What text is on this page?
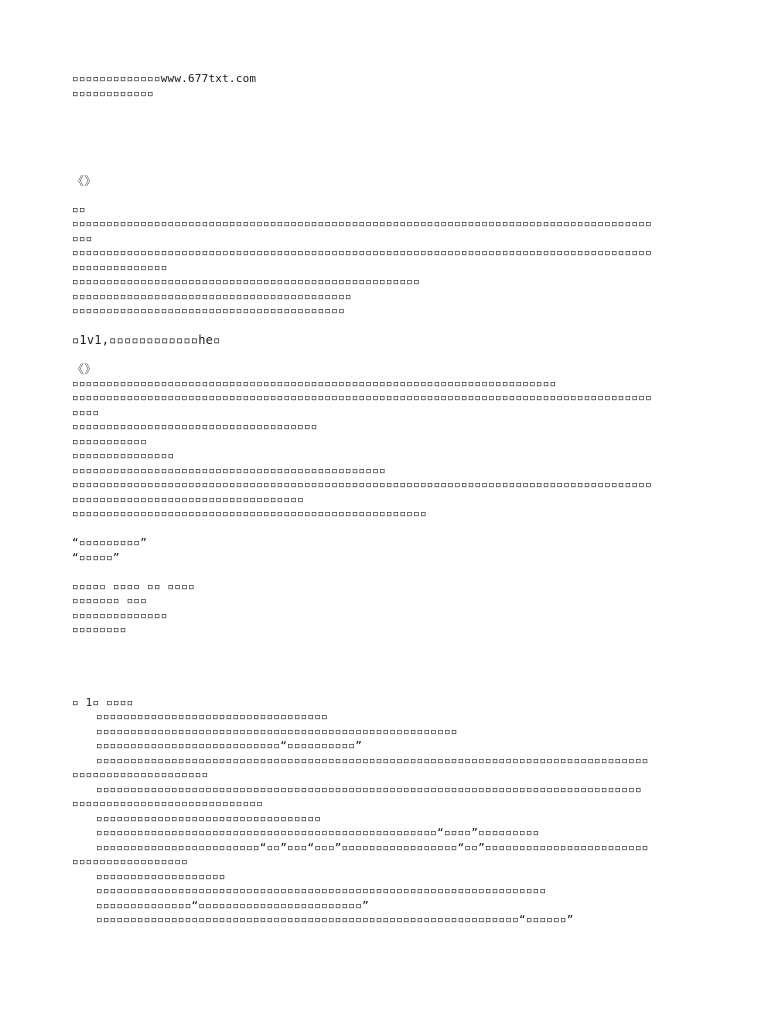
▫▫▫▫▫▫▫▫▫▫▫▫▫www.677txt.com
▫▫▫▫▫▫▫▫▫▫▫▫
《》
▫▫
▫▫▫▫▫▫▫▫▫▫▫▫▫▫▫▫▫▫▫▫▫▫▫▫▫▫▫▫▫▫▫▫▫▫▫▫▫▫▫▫▫▫▫▫▫▫▫▫▫▫▫▫▫▫▫▫▫▫▫▫▫▫▫▫▫▫▫▫▫▫▫▫▫▫▫▫▫▫▫▫▫▫▫▫▫
▫▫▫
▫▫▫▫▫▫▫▫▫▫▫▫▫▫▫▫▫▫▫▫▫▫▫▫▫▫▫▫▫▫▫▫▫▫▫▫▫▫▫▫▫▫▫▫▫▫▫▫▫▫▫▫▫▫▫▫▫▫▫▫▫▫▫▫▫▫▫▫▫▫▫▫▫▫▫▫▫▫▫▫▫▫▫▫▫
▫▫▫▫▫▫▫▫▫▫▫▫▫▫
▫▫▫▫▫▫▫▫▫▫▫▫▫▫▫▫▫▫▫▫▫▫▫▫▫▫▫▫▫▫▫▫▫▫▫▫▫▫▫▫▫▫▫▫▫▫▫▫▫▫▫
▫▫▫▫▫▫▫▫▫▫▫▫▫▫▫▫▫▫▫▫▫▫▫▫▫▫▫▫▫▫▫▫▫▫▫▫▫▫▫▫▫
▫▫▫▫▫▫▫▫▫▫▫▫▫▫▫▫▫▫▫▫▫▫▫▫▫▫▫▫▫▫▫▫▫▫▫▫▫▫▫▫
▫1v1,▫▫▫▫▫▫▫▫▫▫▫▫he▫
《》
▫▫▫▫▫▫▫▫▫▫▫▫▫▫▫▫▫▫▫▫▫▫▫▫▫▫▫▫▫▫▫▫▫▫▫▫▫▫▫▫▫▫▫▫▫▫▫▫▫▫▫▫▫▫▫▫▫▫▫▫▫▫▫▫▫▫▫▫▫▫▫
▫▫▫▫▫▫▫▫▫▫▫▫▫▫▫▫▫▫▫▫▫▫▫▫▫▫▫▫▫▫▫▫▫▫▫▫▫▫▫▫▫▫▫▫▫▫▫▫▫▫▫▫▫▫▫▫▫▫▫▫▫▫▫▫▫▫▫▫▫▫▫▫▫▫▫▫▫▫▫▫▫▫▫▫▫
▫▫▫▫
▫▫▫▫▫▫▫▫▫▫▫▫▫▫▫▫▫▫▫▫▫▫▫▫▫▫▫▫▫▫▫▫▫▫▫▫
▫▫▫▫▫▫▫▫▫▫▫
▫▫▫▫▫▫▫▫▫▫▫▫▫▫▫
▫▫▫▫▫▫▫▫▫▫▫▫▫▫▫▫▫▫▫▫▫▫▫▫▫▫▫▫▫▫▫▫▫▫▫▫▫▫▫▫▫▫▫▫▫▫
▫▫▫▫▫▫▫▫▫▫▫▫▫▫▫▫▫▫▫▫▫▫▫▫▫▫▫▫▫▫▫▫▫▫▫▫▫▫▫▫▫▫▫▫▫▫▫▫▫▫▫▫▫▫▫▫▫▫▫▫▫▫▫▫▫▫▫▫▫▫▫▫▫▫▫▫▫▫▫▫▫▫▫▫▫
▫▫▫▫▫▫▫▫▫▫▫▫▫▫▫▫▫▫▫▫▫▫▫▫▫▫▫▫▫▫▫▫▫▫
▫▫▫▫▫▫▫▫▫▫▫▫▫▫▫▫▫▫▫▫▫▫▫▫▫▫▫▫▫▫▫▫▫▫▫▫▫▫▫▫▫▫▫▫▫▫▫▫▫▫▫▫
“▫▫▫▫▫▫▫▫▫”
“▫▫▫▫▫”
▫▫▫▫▫ ▫▫▫▫ ▫▫ ▫▫▫▫
▫▫▫▫▫▫▫ ▫▫▫
▫▫▫▫▫▫▫▫▫▫▫▫▫▫
▫▫▫▫▫▫▫▫
▫ 1▫ ▫▫▫▫
▫▫▫▫▫▫▫▫▫▫▫▫▫▫▫▫▫▫▫▫▫▫▫▫▫▫▫▫▫▫▫▫▫▫
▫▫▫▫▫▫▫▫▫▫▫▫▫▫▫▫▫▫▫▫▫▫▫▫▫▫▫▫▫▫▫▫▫▫▫▫▫▫▫▫▫▫▫▫▫▫▫▫▫▫▫▫▫
▫▫▫▫▫▫▫▫▫▫▫▫▫▫▫▫▫▫▫▫▫▫▫▫▫▫▫“▫▫▫▫▫▫▫▫▫▫”
▫▫▫▫▫▫▫▫▫▫▫▫▫▫▫▫▫▫▫▫▫▫▫▫▫▫▫▫▫▫▫▫▫▫▫▫▫▫▫▫▫▫▫▫▫▫▫▫▫▫▫▫▫▫▫▫▫▫▫▫▫▫▫▫▫▫▫▫▫▫▫▫▫▫▫▫▫▫▫▫▫
▫▫▫▫▫▫▫▫▫▫▫▫▫▫▫▫▫▫▫▫
▫▫▫▫▫▫▫▫▫▫▫▫▫▫▫▫▫▫▫▫▫▫▫▫▫▫▫▫▫▫▫▫▫▫▫▫▫▫▫▫▫▫▫▫▫▫▫▫▫▫▫▫▫▫▫▫▫▫▫▫▫▫▫▫▫▫▫▫▫▫▫▫▫▫▫▫▫▫▫▫
▫▫▫▫▫▫▫▫▫▫▫▫▫▫▫▫▫▫▫▫▫▫▫▫▫▫▫▫
▫▫▫▫▫▫▫▫▫▫▫▫▫▫▫▫▫▫▫▫▫▫▫▫▫▫▫▫▫▫▫▫▫
▫▫▫▫▫▫▫▫▫▫▫▫▫▫▫▫▫▫▫▫▫▫▫▫▫▫▫▫▫▫▫▫▫▫▫▫▫▫▫▫▫▫▫▫▫▫▫▫▫▫“▫▫▫▫”▫▫▫▫▫▫▫▫▫
▫▫▫▫▫▫▫▫▫▫▫▫▫▫▫▫▫▫▫▫▫▫▫▫“▫▫”▫▫▫“▫▫▫”▫▫▫▫▫▫▫▫▫▫▫▫▫▫▫▫▫“▫▫”▫▫▫▫▫▫▫▫▫▫▫▫▫▫▫▫▫▫▫▫▫▫▫▫
▫▫▫▫▫▫▫▫▫▫▫▫▫▫▫▫▫
▫▫▫▫▫▫▫▫▫▫▫▫▫▫▫▫▫▫▫
▫▫▫▫▫▫▫▫▫▫▫▫▫▫▫▫▫▫▫▫▫▫▫▫▫▫▫▫▫▫▫▫▫▫▫▫▫▫▫▫▫▫▫▫▫▫▫▫▫▫▫▫▫▫▫▫▫▫▫▫▫▫▫▫▫▫
▫▫▫▫▫▫▫▫▫▫▫▫▫▫“▫▫▫▫▫▫▫▫▫▫▫▫▫▫▫▫▫▫▫▫▫▫▫▫”
▫▫▫▫▫▫▫▫▫▫▫▫▫▫▫▫▫▫▫▫▫▫▫▫▫▫▫▫▫▫▫▫▫▫▫▫▫▫▫▫▫▫▫▫▫▫▫▫▫▫▫▫▫▫▫▫▫▫▫▫▫▫“▫▫▫▫▫▫”
